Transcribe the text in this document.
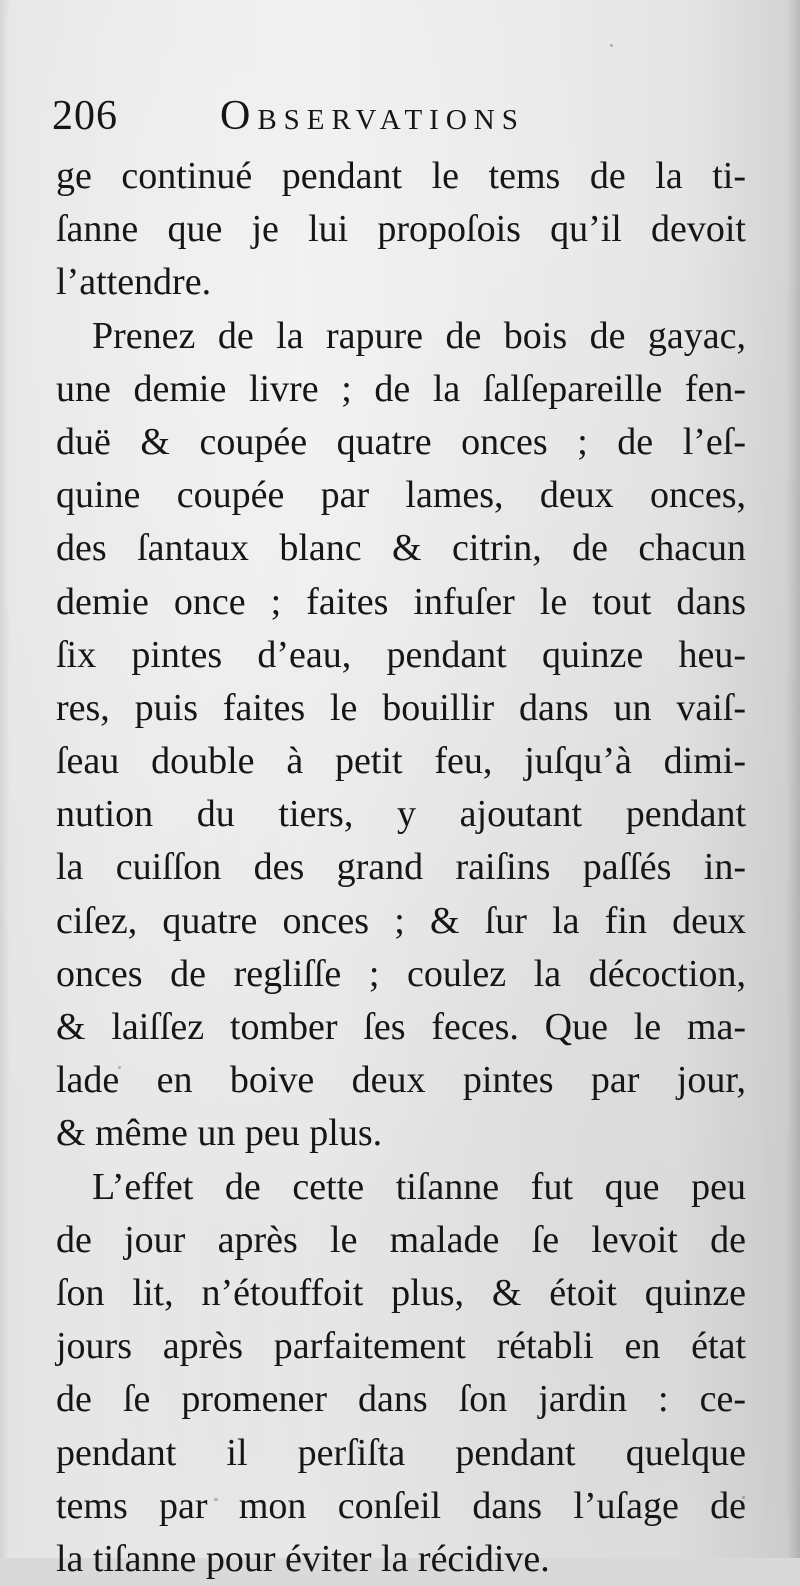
206 Observations
ge continué pendant le tems de la ti-
ſanne que je lui propoſois qu’il devoit
l’attendre.
Prenez de la rapure de bois de gayac,
une demie livre ; de la ſalſepareille fen-
duë & coupée quatre onces ; de l’eſ-
quine coupée par lames, deux onces,
des ſantaux blanc & citrin, de chacun
demie once ; faites infuſer le tout dans
ſix pintes d’eau, pendant quinze heu-
res, puis faites le bouillir dans un vaiſ-
ſeau double à petit feu, juſqu’à dimi-
nution du tiers, y ajoutant pendant
la cuiſſon des grand raiſins paſſés in-
ciſez, quatre onces ; & ſur la fin deux
onces de regliſſe ; coulez la décoction,
& laiſſez tomber ſes feces. Que le ma-
lade en boive deux pintes par jour,
& même un peu plus.
L’effet de cette tiſanne fut que peu
de jour après le malade ſe levoit de
ſon lit, n’étouffoit plus, & étoit quinze
jours après parfaitement rétabli en état
de ſe promener dans ſon jardin : ce-
pendant il perſiſta pendant quelque
tems par mon conſeil dans l’uſage de
la tiſanne pour éviter la récidive.
